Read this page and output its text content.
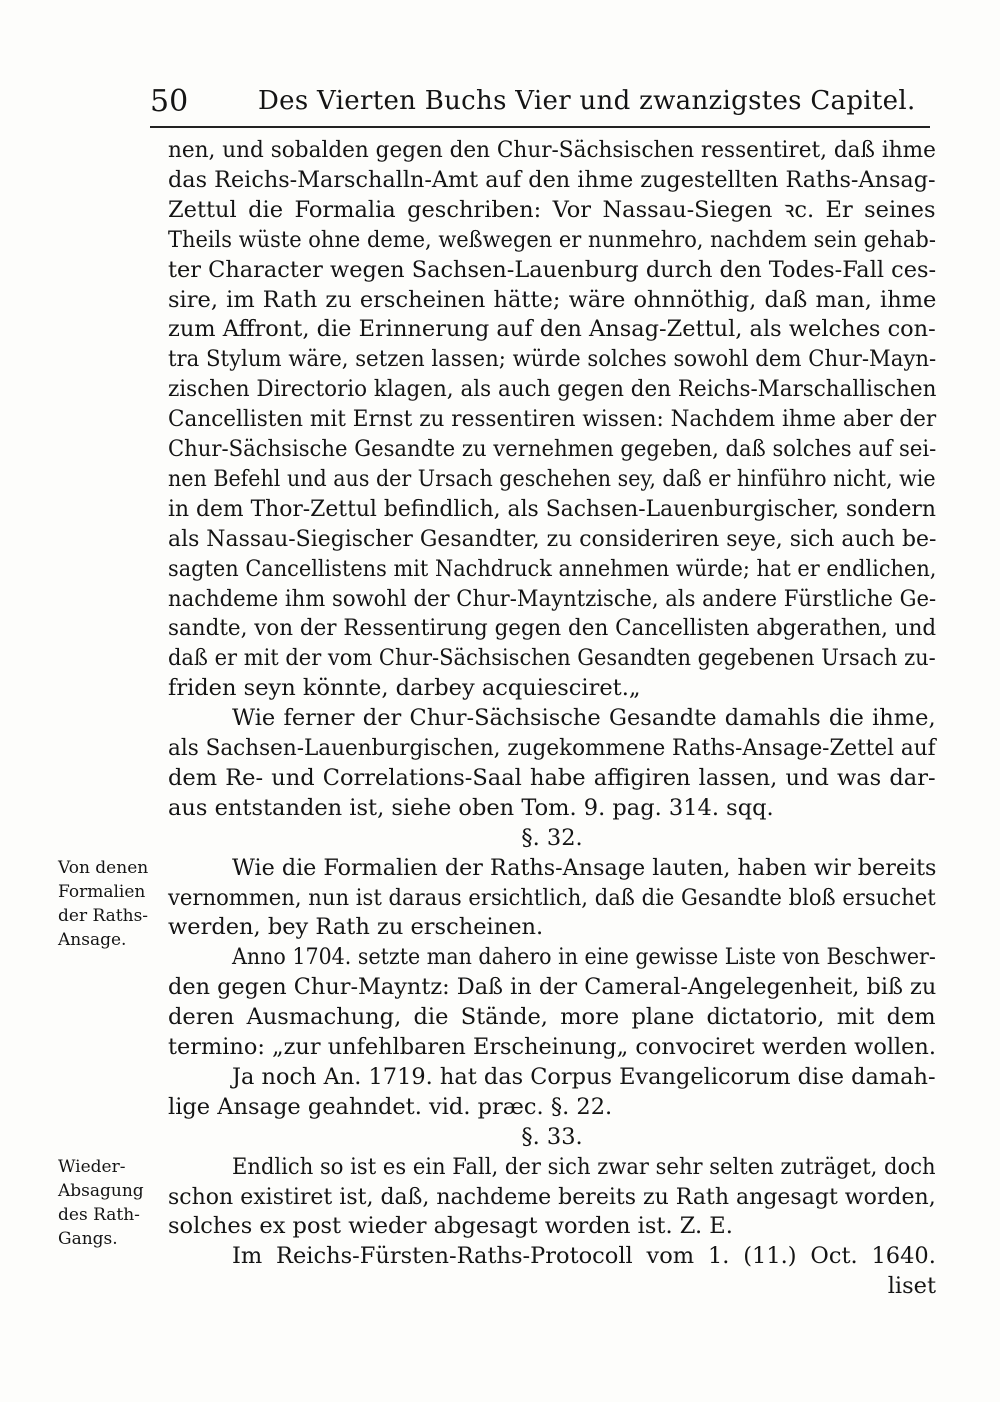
50	Des Vierten Buchs Vier und zwanzigstes Capitel.
nen, und sobalden gegen den Chur-Sächsischen ressentiret, daß ihme
das Reichs-Marschalln-Amt auf den ihme zugestellten Raths-Ansag-
Zettul die Formalia geschriben: Vor Nassau-Siegen ꝛc. Er seines
Theils wüste ohne deme, weßwegen er nunmehro, nachdem sein gehab-
ter Character wegen Sachsen-Lauenburg durch den Todes-Fall ces-
sire, im Rath zu erscheinen hätte; wäre ohnnöthig, daß man, ihme
zum Affront, die Erinnerung auf den Ansag-Zettul, als welches con-
tra Stylum wäre, setzen lassen; würde solches sowohl dem Chur-Mayn-
zischen Directorio klagen, als auch gegen den Reichs-Marschallischen
Cancellisten mit Ernst zu ressentiren wissen: Nachdem ihme aber der
Chur-Sächsische Gesandte zu vernehmen gegeben, daß solches auf sei-
nen Befehl und aus der Ursach geschehen sey, daß er hinführo nicht, wie
in dem Thor-Zettul befindlich, als Sachsen-Lauenburgischer, sondern
als Nassau-Siegischer Gesandter, zu consideriren seye, sich auch be-
sagten Cancellistens mit Nachdruck annehmen würde; hat er endlichen,
nachdeme ihm sowohl der Chur-Mayntzische, als andere Fürstliche Ge-
sandte, von der Ressentirung gegen den Cancellisten abgerathen, und
daß er mit der vom Chur-Sächsischen Gesandten gegebenen Ursach zu-
friden seyn könnte, darbey acquiesciret.„
Wie ferner der Chur-Sächsische Gesandte damahls die ihme,
als Sachsen-Lauenburgischen, zugekommene Raths-Ansage-Zettel auf
dem Re- und Correlations-Saal habe affigiren lassen, und was dar-
aus entstanden ist, siehe oben Tom. 9. pag. 314. sqq.
§. 32.
Wie die Formalien der Raths-Ansage lauten, haben wir bereits
vernommen, nun ist daraus ersichtlich, daß die Gesandte bloß ersuchet
werden, bey Rath zu erscheinen.
Anno 1704. setzte man dahero in eine gewisse Liste von Beschwer-
den gegen Chur-Mayntz: Daß in der Cameral-Angelegenheit, biß zu
deren Ausmachung, die Stände, more plane dictatorio, mit dem
termino: „zur unfehlbaren Erscheinung„ convociret werden wollen.
Ja noch An. 1719. hat das Corpus Evangelicorum dise damah-
lige Ansage geahndet. vid. præc. §. 22.
§. 33.
Endlich so ist es ein Fall, der sich zwar sehr selten zuträget, doch
schon existiret ist, daß, nachdeme bereits zu Rath angesagt worden,
solches ex post wieder abgesagt worden ist. Z. E.
Im Reichs-Fürsten-Raths-Protocoll vom 1. (11.) Oct. 1640.
liset
Von denen
Formalien
der Raths-
Ansage.
Wieder-
Absagung
des Rath-
Gangs.
